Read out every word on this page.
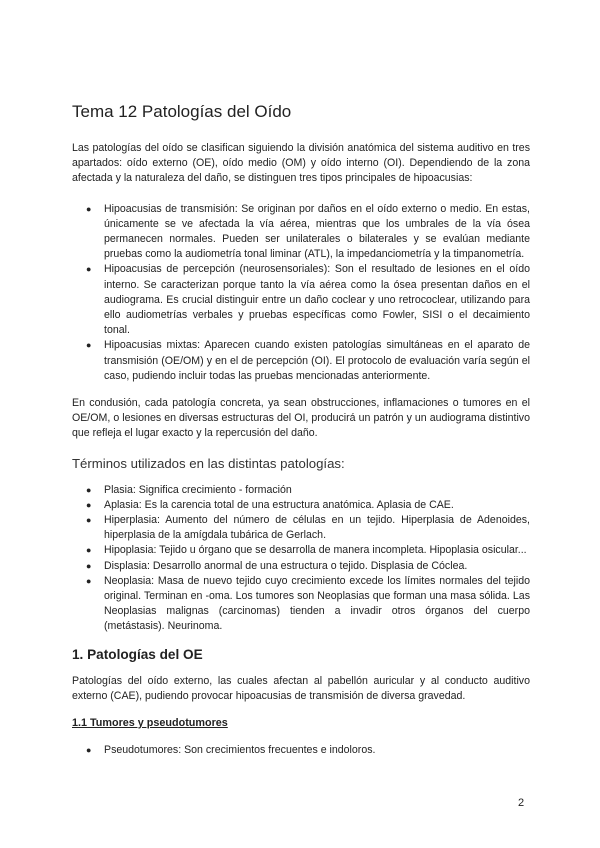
Tema 12 Patologías del Oído

Las patologías del oído se clasifican siguiendo la división anatómica del sistema auditivo en tres apartados: oído externo (OE), oído medio (OM) y oído interno (OI). Dependiendo de la zona afectada y la naturaleza del daño, se distinguen tres tipos principales de hipoacusias:

● Hipoacusias de transmisión: Se originan por daños en el oído externo o medio. En estas, únicamente se ve afectada la vía aérea, mientras que los umbrales de la vía ósea permanecen normales. Pueden ser unilaterales o bilaterales y se evalúan mediante pruebas como la audiometría tonal liminar (ATL), la impedanciometría y la timpanometría.
● Hipoacusias de percepción (neurosensoriales): Son el resultado de lesiones en el oído interno. Se caracterizan porque tanto la vía aérea como la ósea presentan daños en el audiograma. Es crucial distinguir entre un daño coclear y uno retrococlear, utilizando para ello audiometrías verbales y pruebas específicas como Fowler, SISI o el decaimiento tonal.
● Hipoacusias mixtas: Aparecen cuando existen patologías simultáneas en el aparato de transmisión (OE/OM) y en el de percepción (OI). El protocolo de evaluación varía según el caso, pudiendo incluir todas las pruebas mencionadas anteriormente.

En condusión, cada patología concreta, ya sean obstrucciones, inflamaciones o tumores en el OE/OM, o lesiones en diversas estructuras del OI, producirá un patrón y un audiograma distintivo que refleja el lugar exacto y la repercusión del daño.

Términos utilizados en las distintas patologías:
● Plasia: Significa crecimiento - formación
● Aplasia: Es la carencia total de una estructura anatómica. Aplasia de CAE.
● Hiperplasia: Aumento del número de células en un tejido. Hiperplasia de Adenoides, hiperplasia de la amígdala tubárica de Gerlach.
● Hipoplasia: Tejido u órgano que se desarrolla de manera incompleta. Hipoplasia osicular...
● Displasia: Desarrollo anormal de una estructura o tejido. Displasia de Cóclea.
● Neoplasia: Masa de nuevo tejido cuyo crecimiento excede los límites normales del tejido original. Terminan en -oma. Los tumores son Neoplasias que forman una masa sólida. Las Neoplasias malignas (carcinomas) tienden a invadir otros órganos del cuerpo (metástasis). Neurinoma.
1. Patologías del OE

Patologías del oído externo, las cuales afectan al pabellón auricular y al conducto auditivo externo (CAE), pudiendo provocar hipoacusias de transmisión de diversa gravedad.

1.1 Tumores y pseudotumores
● Pseudotumores: Son crecimientos frecuentes e indoloros.
2
